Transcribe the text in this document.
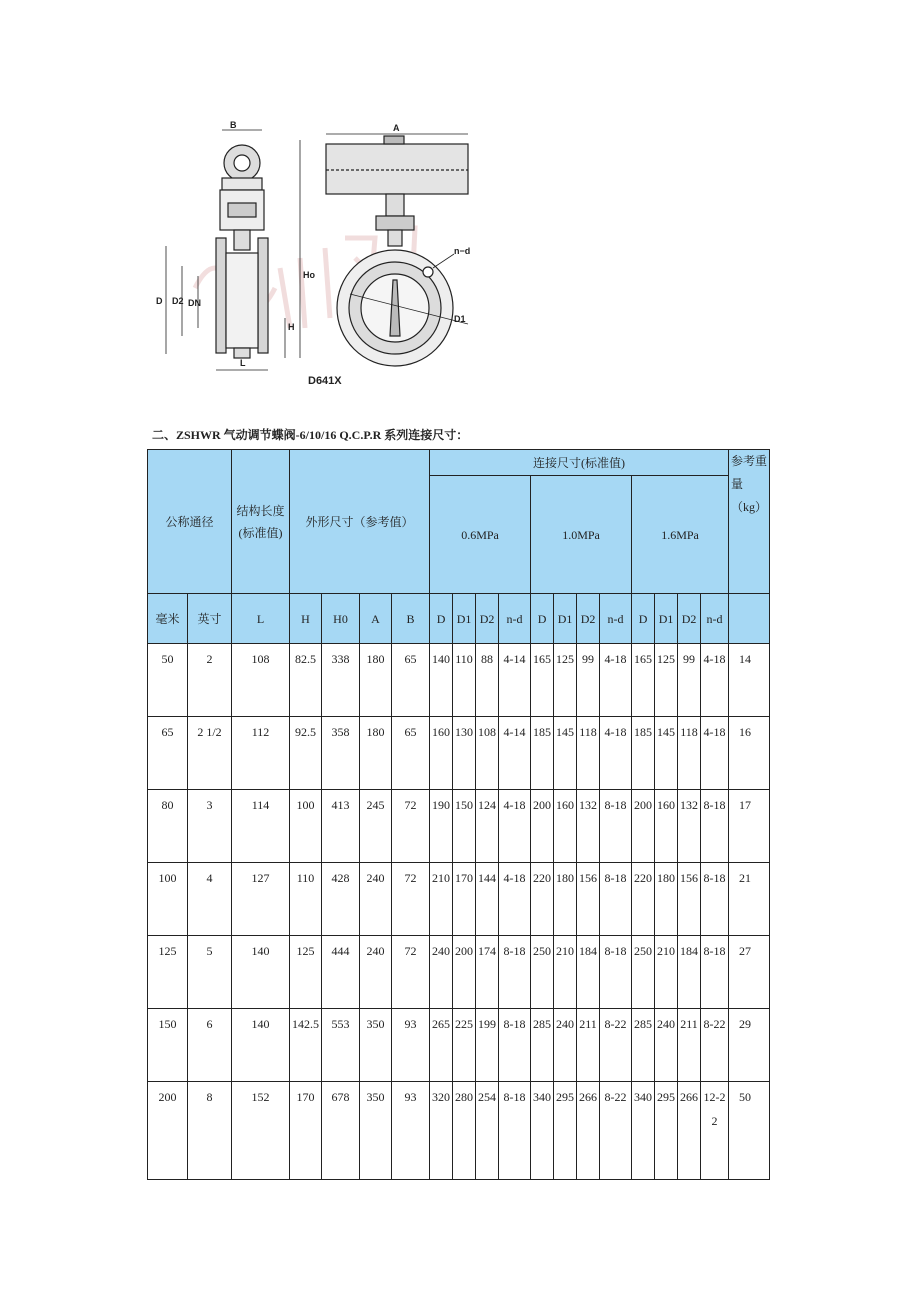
B
D D2 DN
Ho
H
L
A
n−d
D1
D641X
二、ZSHWR 气动调节蝶阀-6/10/16 Q.C.P.R 系列连接尺寸：
公称通径		结构长度(标准值)	外形尺寸（参考值）				连接尺寸(标准值)												参考重量（kg）
							0.6MPa				1.0MPa				1.6MPa				
毫米	英寸	L	H	H0	A	B	D	D1	D2	n-d	D	D1	D2	n-d	D	D1	D2	n-d	
50	2	108	82.5	338	180	65	140	110	88	4-14	165	125	99	4-18	165	125	99	4-18	14
65	2 1/2	112	92.5	358	180	65	160	130	108	4-14	185	145	118	4-18	185	145	118	4-18	16
80	3	114	100	413	245	72	190	150	124	4-18	200	160	132	8-18	200	160	132	8-18	17
100	4	127	110	428	240	72	210	170	144	4-18	220	180	156	8-18	220	180	156	8-18	21
125	5	140	125	444	240	72	240	200	174	8-18	250	210	184	8-18	250	210	184	8-18	27
150	6	140	142.5	553	350	93	265	225	199	8-18	285	240	211	8-22	285	240	211	8-22	29
200	8	152	170	678	350	93	320	280	254	8-18	340	295	266	8-22	340	295	266	12-22	50
